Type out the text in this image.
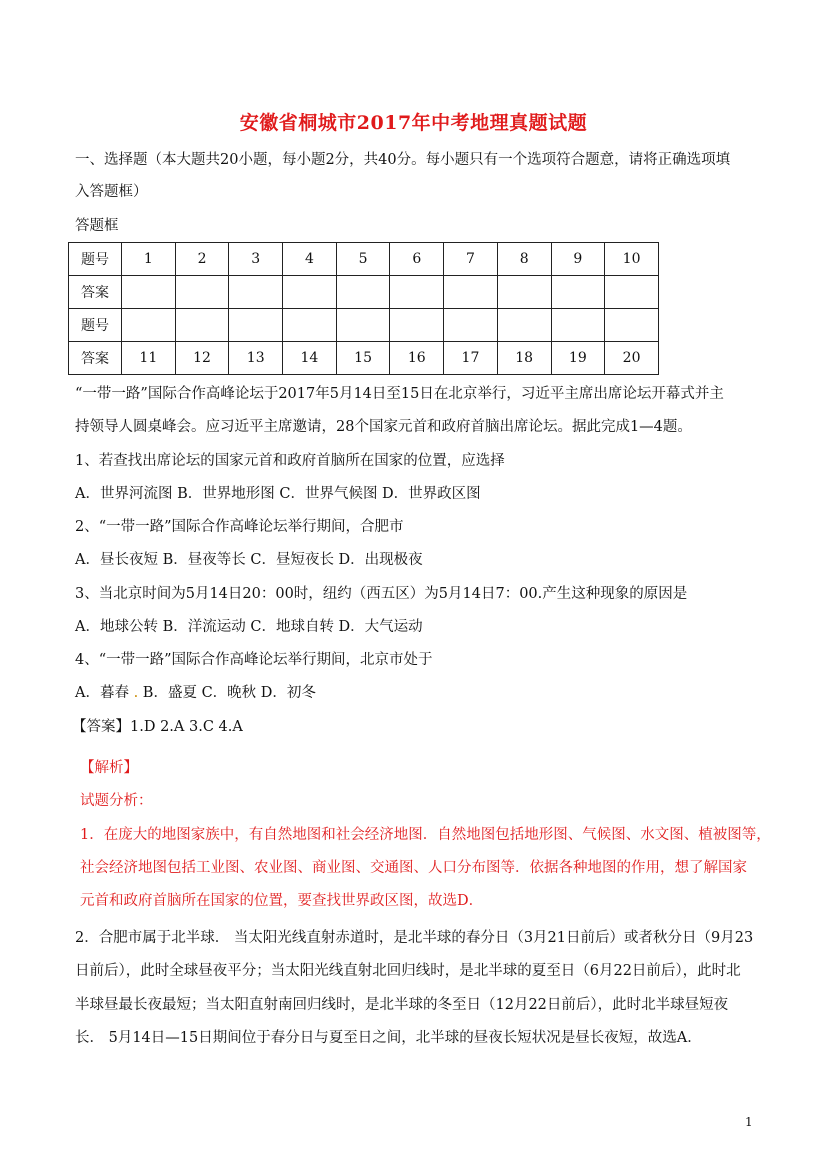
安徽省桐城市2017年中考地理真题试题
一、选择题（本大题共20小题，每小题2分，共40分。每小题只有一个选项符合题意，请将正确选项填
入答题框）
答题框
题号	1	2	3	4	5	6	7	8	9	10
答案										
题号										
答案	11	12	13	14	15	16	17	18	19	20
“一带一路”国际合作高峰论坛于2017年5月14日至15日在北京举行，习近平主席出席论坛开幕式并主
持领导人圆桌峰会。应习近平主席邀请，28个国家元首和政府首脑出席论坛。据此完成1—4题。
1、若查找出席论坛的国家元首和政府首脑所在国家的位置，应选择
A．世界河流图 B．世界地形图 C．世界气候图 D．世界政区图
2、“一带一路”国际合作高峰论坛举行期间，合肥市
A．昼长夜短 B．昼夜等长 C．昼短夜长 D．出现极夜
3、当北京时间为5月14日20：00时，纽约（西五区）为5月14日7：00.产生这种现象的原因是
A．地球公转 B．洋流运动 C．地球自转 D．大气运动
4、“一带一路”国际合作高峰论坛举行期间，北京市处于
A．暮春 . B．盛夏 C．晚秋 D．初冬
【答案】1.D 2.A 3.C 4.A
【解析】
试题分析：
1．在庞大的地图家族中，有自然地图和社会经济地图．自然地图包括地形图、气候图、水文图、植被图等，
社会经济地图包括工业图、农业图、商业图、交通图、人口分布图等．依据各种地图的作用，想了解国家
元首和政府首脑所在国家的位置，要查找世界政区图，故选D．
2．合肥市属于北半球． 当太阳光线直射赤道时，是北半球的春分日（3月21日前后）或者秋分日（9月23
日前后），此时全球昼夜平分；当太阳光线直射北回归线时，是北半球的夏至日（6月22日前后），此时北
半球昼最长夜最短；当太阳直射南回归线时，是北半球的冬至日（12月22日前后），此时北半球昼短夜
长． 5月14日—15日期间位于春分日与夏至日之间，北半球的昼夜长短状况是昼长夜短，故选A．
1
